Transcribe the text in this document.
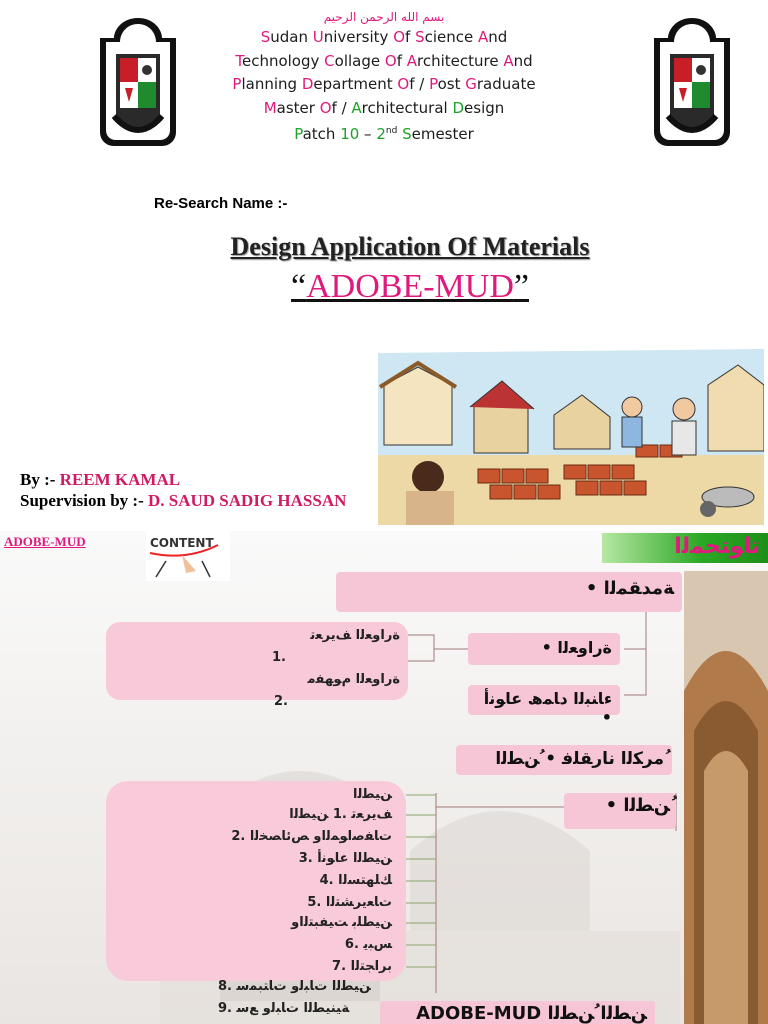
بسم الله الرحمن الرحيم
Sudan University Of Science And
Technology Collage Of Architecture And
Planning Department Of / Post Graduate
Master Of / Architectural Design
Patch 10 – 2nd Semester
Re-Search Name :-
Design Application Of Materials
“ADOBE-MUD”
By :- REEM KAMAL
Supervision by :- D. SAUD SADIG HASSAN
ADOBE-MUD	CONTENT	تاﻮﺘﺤﻤﻟا
ﺔﻣﺪﻘﻤﻟا •
ةراوﻌﻟا ﻒﯾﺮﻌﺗ
1.
ةراوﻌﻟا مﻮﮭﻔﻣ
2.
ةراوﻌﻟا •
ءﺎﻨﺒﻟا دﺎﻤھ عاﻮﻧأ •
ُمرﻜﻟا نارﻘﻠﻓ • ُﻦﻄﻟا
ُﻦﻄﻟا •
ﻦﯿﻄﻟا
ﻒﯾﺮﻌﺗ .1 ﻦﯿﻄﻟا
2. تﺎﻔﺻاﻮﻤﻟاو ﺺﺋﺎﺼﺨﻟا
3. ﻦﯿﻄﻟا عاﻮﻧأ
4. ﻚﻠﮭﺘﺴﻟا
5. تﺎﻌﯾﺮﺸﺘﻟا
ﻦﯿﻄﻠﺑ ﺖﯿﻔﺒﺘﻟاو
6. ﺲﺒﯾ
7. براﺠﺘﻟا
8. ﻦﯿﻄﻟا تﺎﺒﻟو تﺎﺘﺒﻤﺳ
9. ﺔﯿﻨﯿﻄﻟا تﺎﺒﻟو ﻊﺳ	ADOBE-MUD ﻦﻄﻟا ُﻦﻄﻟا
